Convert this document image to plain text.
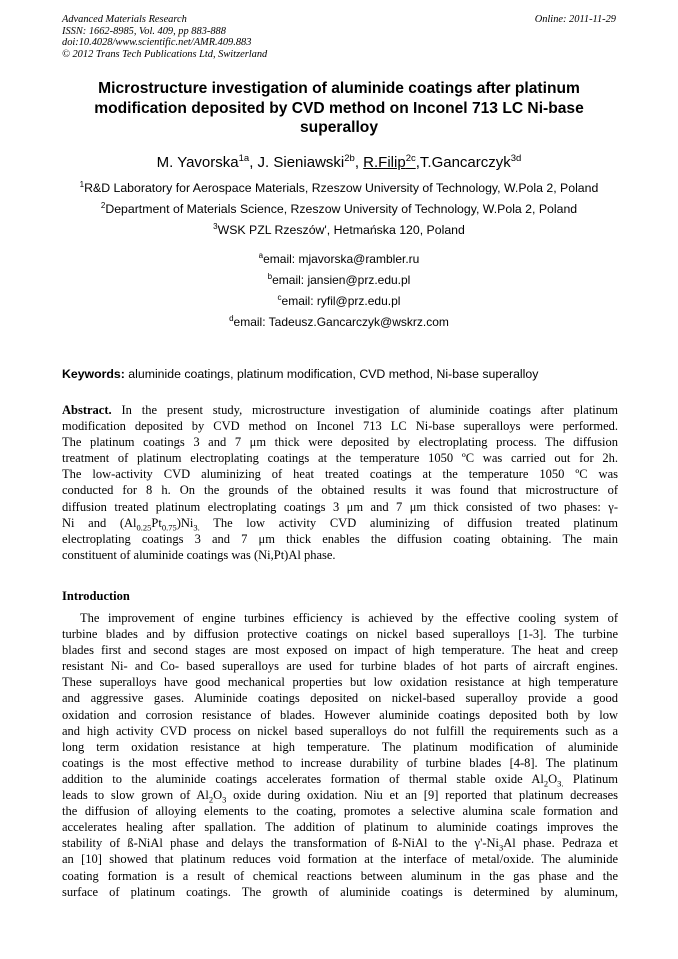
Advanced Materials Research
ISSN: 1662-8985, Vol. 409, pp 883-888
doi:10.4028/www.scientific.net/AMR.409.883
© 2012 Trans Tech Publications Ltd, Switzerland
Online: 2011-11-29
Microstructure investigation of aluminide coatings after platinum
modification deposited by CVD method on Inconel 713 LC Ni-base
superalloy
M. Yavorska$^{1a}$, J. Sieniawski$^{2b}$, R.Filip$^{2c}$,T.Gancarczyk$^{3d}$
$^1$R&D Laboratory for Aerospace Materials, Rzeszow University of Technology, W.Pola 2, Poland
$^2$Department of Materials Science, Rzeszow University of Technology, W.Pola 2, Poland
$^3$WSK PZL Rzeszów', Hetmańska 120, Poland
$^a$email: mjavorska@rambler.ru
$^b$email: jansien@prz.edu.pl
$^c$email: ryfil@prz.edu.pl
$^d$email: Tadeusz.Gancarczyk@wskrz.com
Keywords: aluminide coatings, platinum modification, CVD method, Ni-base superalloy
Abstract. In the present study, microstructure investigation of aluminide coatings after platinum
modification deposited by CVD method on Inconel 713 LC Ni-base superalloys were performed.
The platinum coatings 3 and 7 μm thick were deposited by electroplating process. The diffusion
treatment of platinum electroplating coatings at the temperature 1050 ºC was carried out for 2h.
The low-activity CVD aluminizing of heat treated coatings at the temperature 1050 ºC was
conducted for 8 h. On the grounds of the obtained results it was found that microstructure of
diffusion treated platinum electroplating coatings 3 μm and 7 μm thick consisted of two phases: γ-
Ni and $(Al_{0.25}Pt_{0.75})Ni_{3.}$ The low activity CVD aluminizing of diffusion treated platinum
electroplating coatings 3 and 7 μm thick enables the diffusion coating obtaining. The main
constituent of aluminide coatings was (Ni,Pt)Al phase.
Introduction
The improvement of engine turbines efficiency is achieved by the effective cooling system of
turbine blades and by diffusion protective coatings on nickel based superalloys [1-3]. The turbine
blades first and second stages are most exposed on impact of high temperature. The heat and creep
resistant Ni- and Co- based superalloys are used for turbine blades of hot parts of aircraft engines.
These superalloys have good mechanical properties but low oxidation resistance at high temperature
and aggressive gases. Aluminide coatings deposited on nickel-based superalloy provide a good
oxidation and corrosion resistance of blades. However aluminide coatings deposited both by low
and high activity CVD process on nickel based superalloys do not fulfill the requirements such as a
long term oxidation resistance at high temperature. The platinum modification of aluminide
coatings is the most effective method to increase durability of turbine blades [4-8]. The platinum
addition to the aluminide coatings accelerates formation of thermal stable oxide $Al_2O_{3.}$ Platinum
leads to slow grown of $Al_2O_3$ oxide during oxidation. Niu et an [9] reported that platinum decreases
the diffusion of alloying elements to the coating, promotes a selective alumina scale formation and
accelerates healing after spallation. The addition of platinum to aluminide coatings improves the
stability of ß-NiAl phase and delays the transformation of ß-NiAl to the $\gamma'-Ni_3Al$ phase. Pedraza et
an [10] showed that platinum reduces void formation at the interface of metal/oxide. The aluminide
coating formation is a result of chemical reactions between aluminum in the gas phase and the
surface of platinum coatings. The growth of aluminide coatings is determined by aluminum,
